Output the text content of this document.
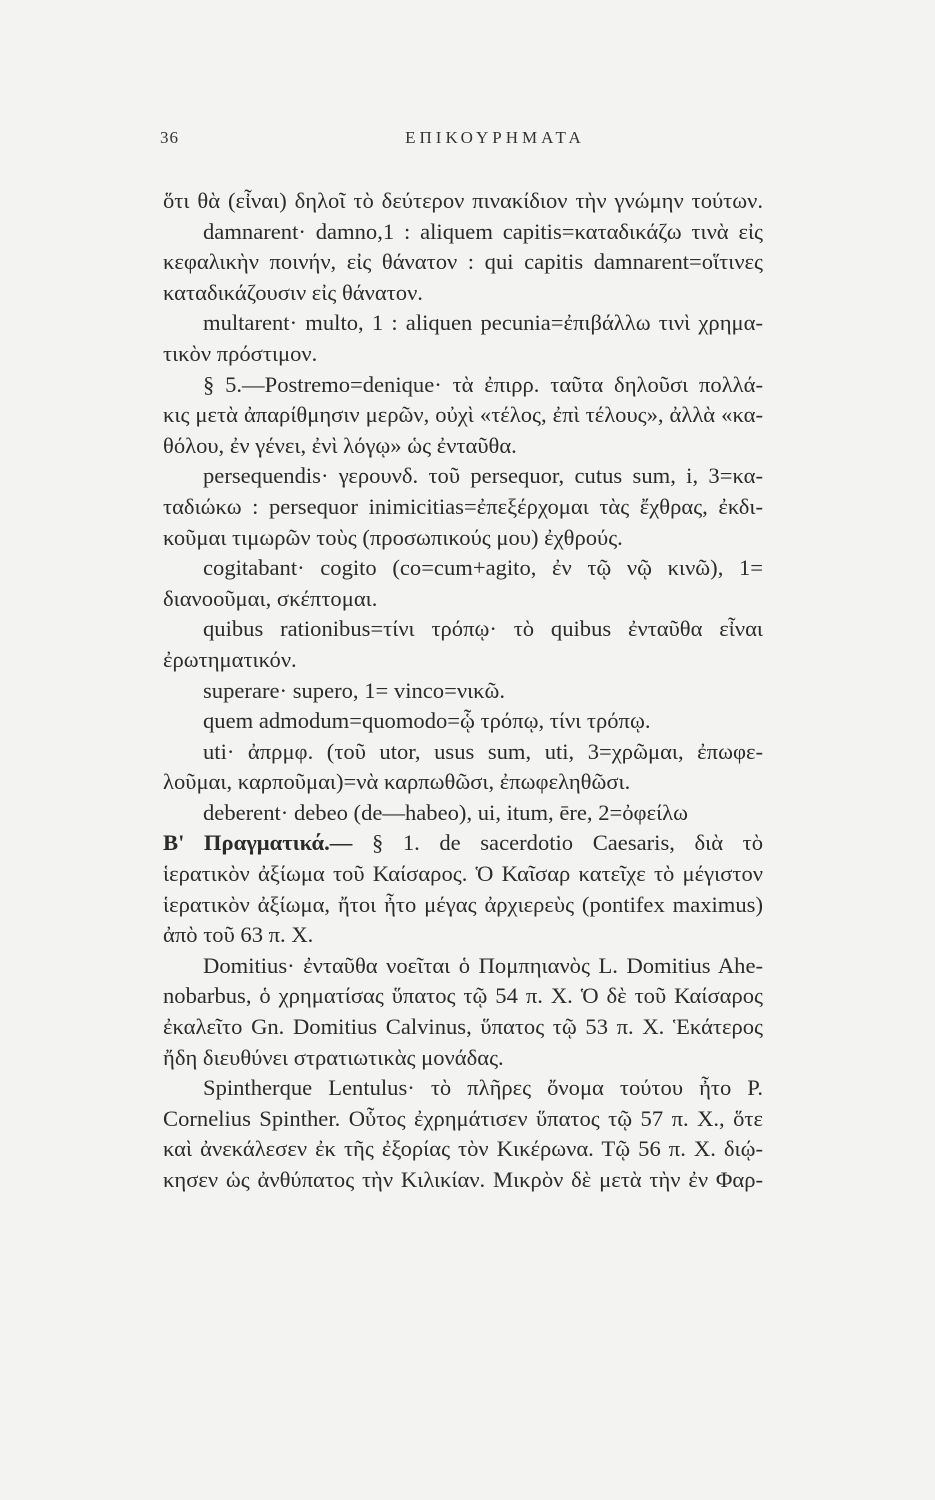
36	ΕΠΙΚΟΥΡΗΜΑΤΑ
ὅτι θὰ (εἶναι) δηλοῖ τὸ δεύτερον πινακίδιον τὴν γνώμην τούτων.
damnarent· damno,1 : aliquem capitis=καταδικάζω τινὰ εἰς
κεφαλικὴν ποινήν, εἰς θάνατον : qui capitis damnarent=οἵτινες
καταδικάζουσιν εἰς θάνατον.
multarent· multo, 1 : aliquen pecunia=ἐπιβάλλω τινὶ χρημα-
τικὸν πρόστιμον.
§ 5.—Postremo=denique· τὰ ἐπιρρ. ταῦτα δηλοῦσι πολλά-
κις μετὰ ἀπαρίθμησιν μερῶν, οὐχὶ «τέλος, ἐπὶ τέλους», ἀλλὰ «κα-
θόλου, ἐν γένει, ἐνὶ λόγῳ» ὡς ἐνταῦθα.
persequendis· γερουνδ. τοῦ persequor, cutus sum, i, 3=κα-
ταδιώκω : persequor inimicitias=ἐπεξέρχομαι τὰς ἔχθρας, ἐκδι-
κοῦμαι τιμωρῶν τοὺς (προσωπικούς μου) ἐχθρούς.
cogitabant· cogito (co=cum+agito, ἐν τῷ νῷ κινῶ), 1=
διανοοῦμαι, σκέπτομαι.
quibus rationibus=τίνι τρόπῳ· τὸ quibus ἐνταῦθα εἶναι
ἐρωτηματικόν.
superare· supero, 1= vinco=νικῶ.
quem admodum=quomodo=ᾧ τρόπῳ, τίνι τρόπῳ.
uti· ἀπρμφ. (τοῦ utor, usus sum, uti, 3=χρῶμαι, ἐπωφε-
λοῦμαι, καρποῦμαι)=νὰ καρπωθῶσι, ἐπωφεληθῶσι.
deberent· debeo (de—habeo), ui, itum, ēre, 2=ὀφείλω
Β' Πραγματικά.— § 1. de sacerdotio Caesaris, διὰ τὸ
ἱερατικὸν ἀξίωμα τοῦ Καίσαρος. Ὁ Καῖσαρ κατεῖχε τὸ μέγιστον
ἱερατικὸν ἀξίωμα, ἤτοι ἦτο μέγας ἀρχιερεὺς (pontifex maximus)
ἀπὸ τοῦ 63 π. Χ.
Domitius· ἐνταῦθα νοεῖται ὁ Πομπηιανὸς L. Domitius Ahe-
nobarbus, ὁ χρηματίσας ὕπατος τῷ 54 π. Χ. Ὁ δὲ τοῦ Καίσαρος
ἐκαλεῖτο Gn. Domitius Calvinus, ὕπατος τῷ 53 π. Χ. Ἑκάτερος
ἤδη διευθύνει στρατιωτικὰς μονάδας.
Spintherque Lentulus· τὸ πλῆρες ὄνομα τούτου ἦτο P.
Cornelius Spinther. Οὗτος ἐχρημάτισεν ὕπατος τῷ 57 π. Χ., ὅτε
καὶ ἀνεκάλεσεν ἐκ τῆς ἐξορίας τὸν Κικέρωνα. Τῷ 56 π. Χ. διῴ-
κησεν ὡς ἀνθύπατος τὴν Κιλικίαν. Μικρὸν δὲ μετὰ τὴν ἐν Φαρ-
